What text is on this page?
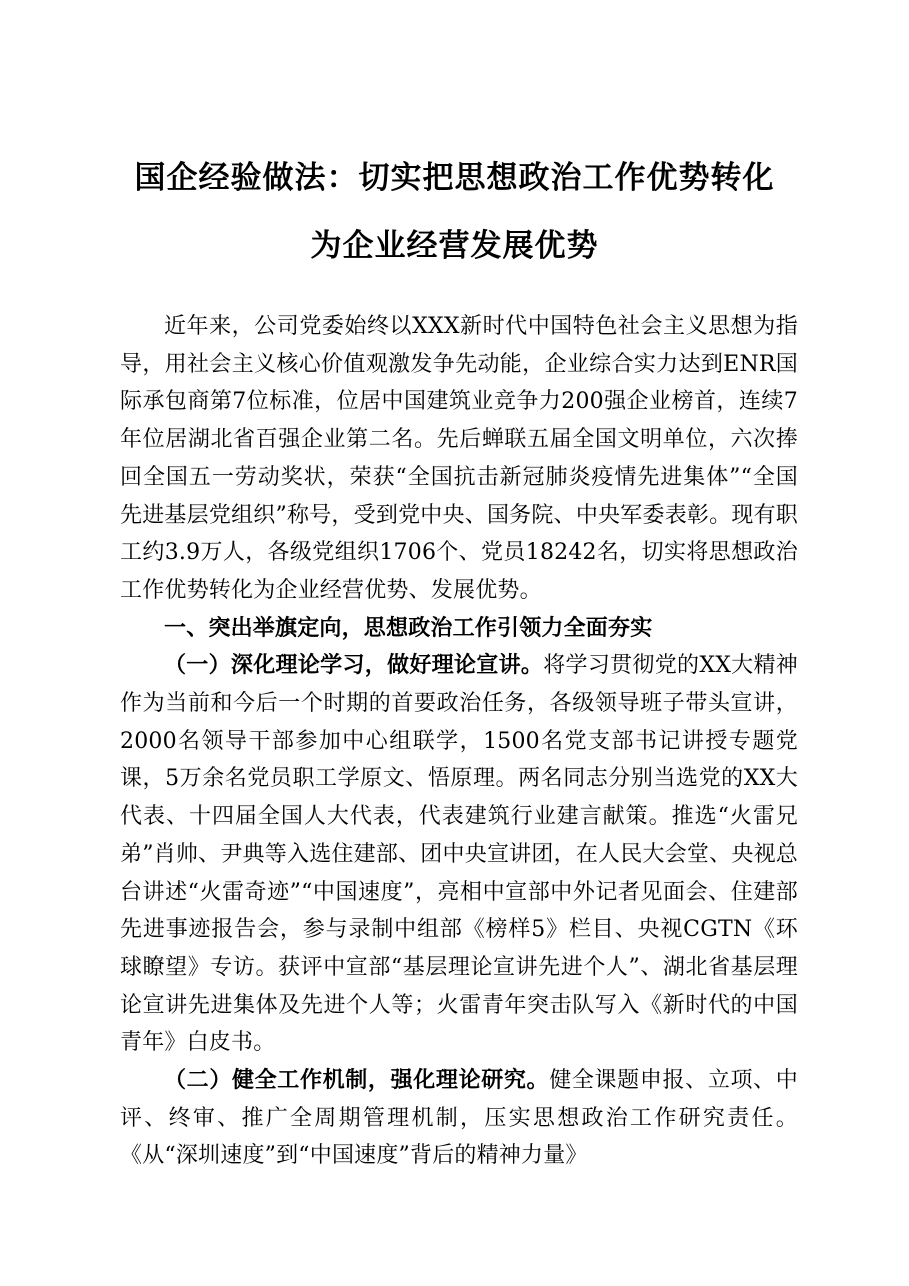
国企经验做法：切实把思想政治工作优势转化
为企业经营发展优势

近年来，公司党委始终以XXX新时代中国特色社会主义思想为指导，用社会主义核心价值观激发争先动能，企业综合实力达到ENR国际承包商第7位标准，位居中国建筑业竞争力200强企业榜首，连续7年位居湖北省百强企业第二名。先后蝉联五届全国文明单位，六次捧回全国五一劳动奖状，荣获“全国抗击新冠肺炎疫情先进集体”“全国先进基层党组织”称号，受到党中央、国务院、中央军委表彰。现有职工约3.9万人，各级党组织1706个、党员18242名，切实将思想政治工作优势转化为企业经营优势、发展优势。

一、突出举旗定向，思想政治工作引领力全面夯实

（一）深化理论学习，做好理论宣讲。将学习贯彻党的XX大精神作为当前和今后一个时期的首要政治任务，各级领导班子带头宣讲，2000名领导干部参加中心组联学，1500名党支部书记讲授专题党课，5万余名党员职工学原文、悟原理。两名同志分别当选党的XX大代表、十四届全国人大代表，代表建筑行业建言献策。推选“火雷兄弟”肖帅、尹典等入选住建部、团中央宣讲团，在人民大会堂、央视总台讲述“火雷奇迹”“中国速度”，亮相中宣部中外记者见面会、住建部先进事迹报告会，参与录制中组部《榜样5》栏目、央视CGTN《环球瞭望》专访。获评中宣部“基层理论宣讲先进个人”、湖北省基层理论宣讲先进集体及先进个人等；火雷青年突击队写入《新时代的中国青年》白皮书。

（二）健全工作机制，强化理论研究。健全课题申报、立项、中评、终审、推广全周期管理机制，压实思想政治工作研究责任。《从“深圳速度”到“中国速度”背后的精神力量》
